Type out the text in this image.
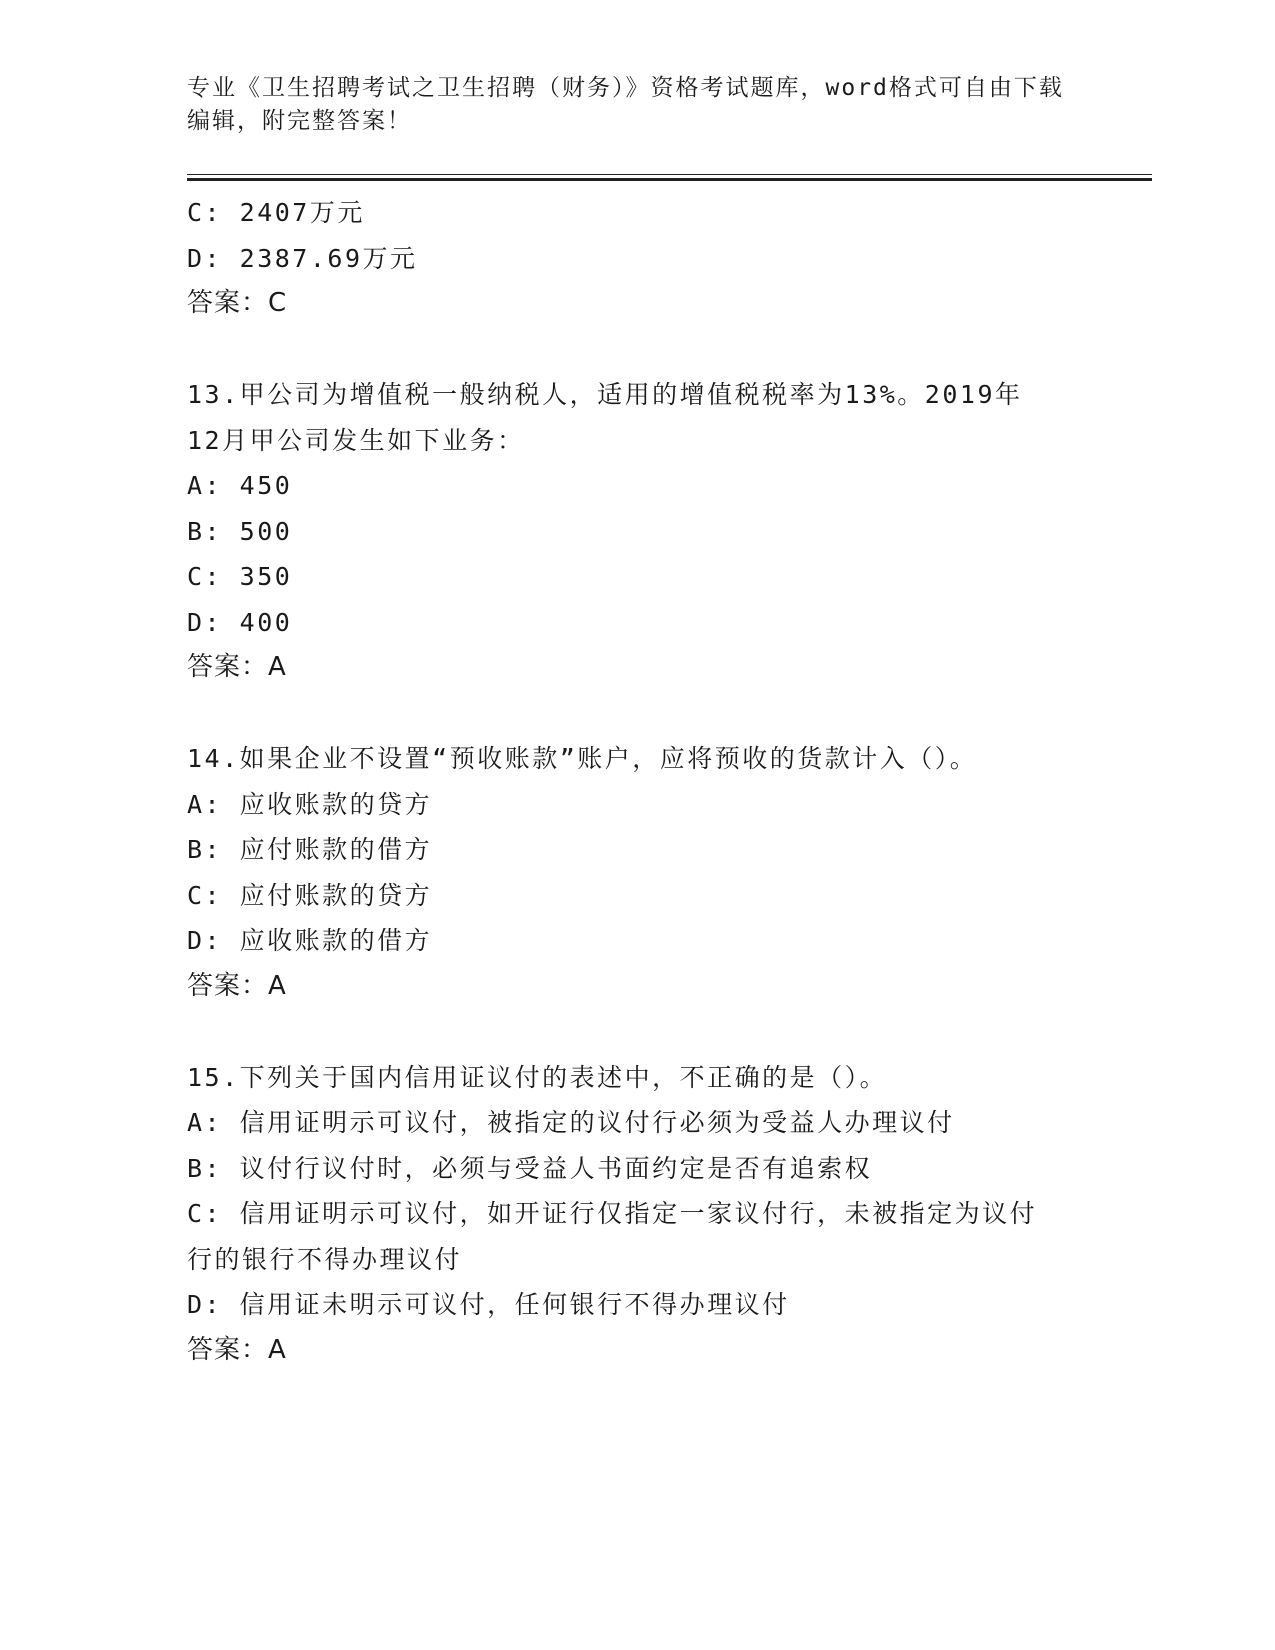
专业《卫生招聘考试之卫生招聘（财务）》资格考试题库，word格式可自由下载
编辑，附完整答案！
C: 2407万元
D: 2387.69万元
答案：C
13.甲公司为增值税一般纳税人，适用的增值税税率为13%。2019年
12月甲公司发生如下业务：
A: 450
B: 500
C: 350
D: 400
答案：A
14.如果企业不设置“预收账款”账户，应将预收的货款计入（）。
A: 应收账款的贷方
B: 应付账款的借方
C: 应付账款的贷方
D: 应收账款的借方
答案：A
15.下列关于国内信用证议付的表述中，不正确的是（）。
A: 信用证明示可议付，被指定的议付行必须为受益人办理议付
B: 议付行议付时，必须与受益人书面约定是否有追索权
C: 信用证明示可议付，如开证行仅指定一家议付行，未被指定为议付
行的银行不得办理议付
D: 信用证未明示可议付，任何银行不得办理议付
答案：A
